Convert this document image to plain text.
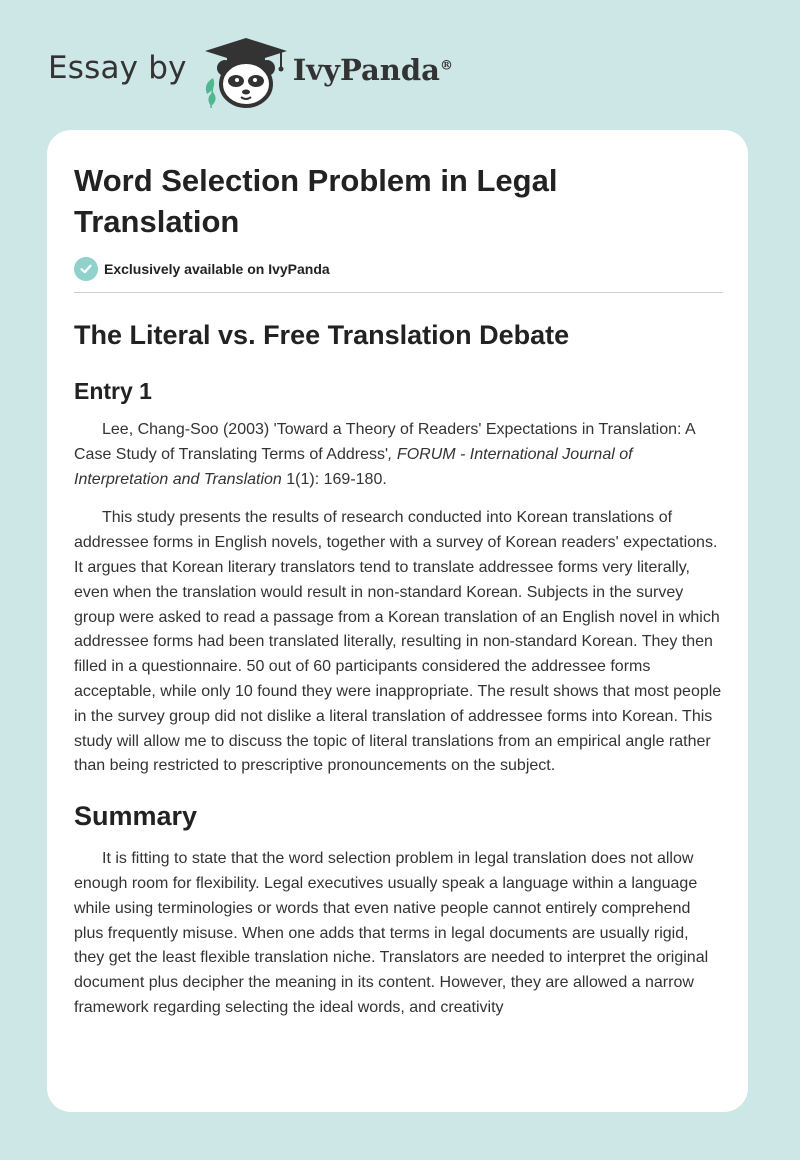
Essay by	IvyPanda®
Word Selection Problem in Legal Translation
Exclusively available on IvyPanda
The Literal vs. Free Translation Debate
Entry 1

Lee, Chang-Soo (2003) 'Toward a Theory of Readers' Expectations in Translation: A Case Study of Translating Terms of Address', FORUM - International Journal of Interpretation and Translation 1(1): 169-180.

This study presents the results of research conducted into Korean translations of addressee forms in English novels, together with a survey of Korean readers' expectations. It argues that Korean literary translators tend to translate addressee forms very literally, even when the translation would result in non-standard Korean. Subjects in the survey group were asked to read a passage from a Korean translation of an English novel in which addressee forms had been translated literally, resulting in non-standard Korean. They then filled in a questionnaire. 50 out of 60 participants considered the addressee forms acceptable, while only 10 found they were inappropriate. The result shows that most people in the survey group did not dislike a literal translation of addressee forms into Korean. This study will allow me to discuss the topic of literal translations from an empirical angle rather than being restricted to prescriptive pronouncements on the subject.

Summary

It is fitting to state that the word selection problem in legal translation does not allow enough room for flexibility. Legal executives usually speak a language within a language while using terminologies or words that even native people cannot entirely comprehend plus frequently misuse. When one adds that terms in legal documents are usually rigid, they get the least flexible translation niche. Translators are needed to interpret the original document plus decipher the meaning in its content. However, they are allowed a narrow framework regarding selecting the ideal words, and creativity
